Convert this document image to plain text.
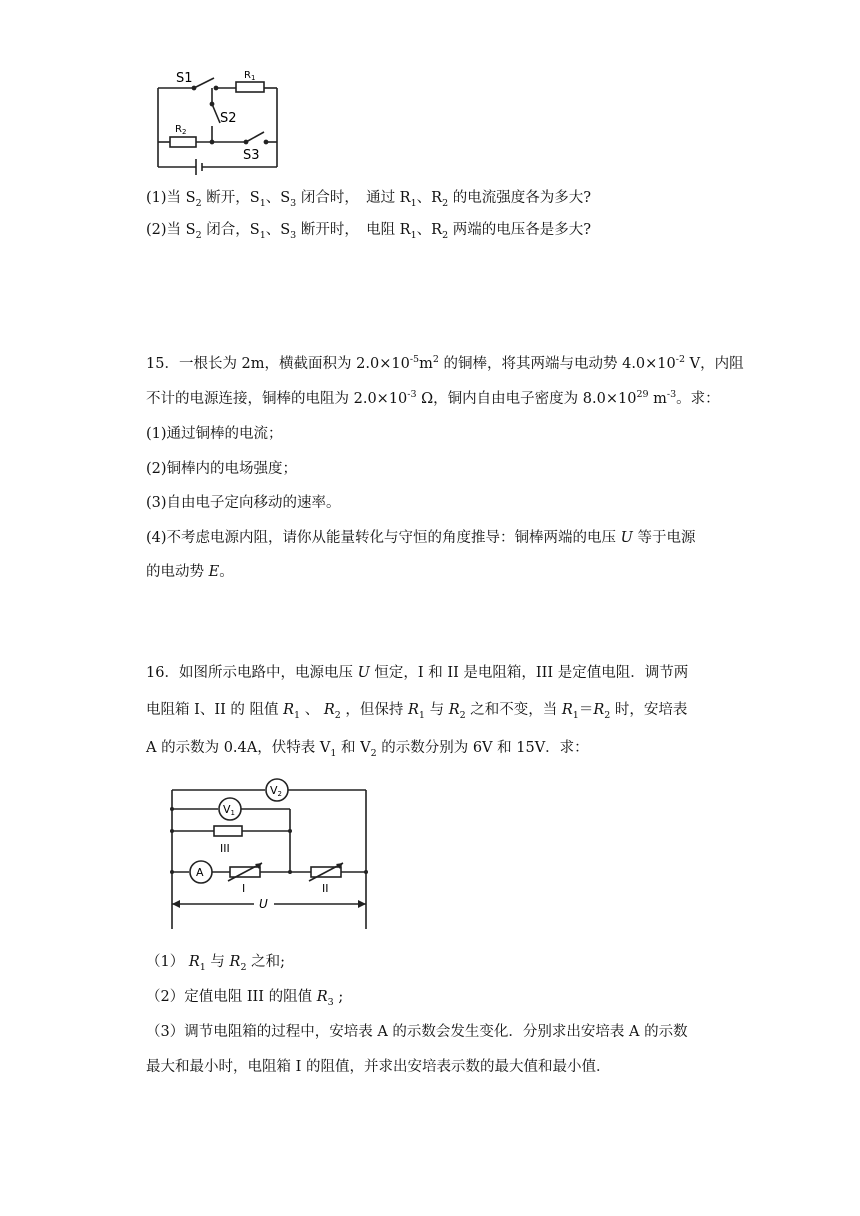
S1	$R_1$
S2
$R_2$
S3
(1)当 $S_2$ 断开，$S_1$、$S_3$ 闭合时，　通过 $R_1$、$R_2$ 的电流强度各为多大?
(2)当 $S_2$ 闭合，$S_1$、$S_3$ 断开时，　电阻 $R_1$、$R_2$ 两端的电压各是多大?
15．一根长为 2m，横截面积为 $2.0\times 10^{-5}m^2$ 的铜棒，将其两端与电动势 $4.0\times 10^{-2}$ V，内阻
不计的电源连接，铜棒的电阻为 $2.0\times 10^{-3}$ Ω，铜内自由电子密度为 $8.0\times 10^{29}$ $m^{-3}$。求：
(1)通过铜棒的电流；
(2)铜棒内的电场强度；
(3)自由电子定向移动的速率。
(4)不考虑电源内阻，请你从能量转化与守恒的角度推导：铜棒两端的电压 U 等于电源
的电动势 E。
16．如图所示电路中，电源电压 U 恒定，I 和 II 是电阻箱，III 是定值电阻．调节两
电阻箱 I、II 的 阻值 $R_1$ 、 $R_2$ ，但保持 $R_1$ 与 $R_2$ 之和不变，当 $R_1=R_2$ 时，安培表
A 的示数为 0.4A，伏特表 $V_1$ 和 $V_2$ 的示数分别为 6V 和 15V．求：
V2
V1
III
A
I	II
U
（1） $R_1$ 与 $R_2$ 之和;
（2）定值电阻 III 的阻值 $R_3$ ;
（3）调节电阻箱的过程中，安培表 A 的示数会发生变化．分别求出安培表 A 的示数
最大和最小时，电阻箱 I 的阻值，并求出安培表示数的最大值和最小值．
